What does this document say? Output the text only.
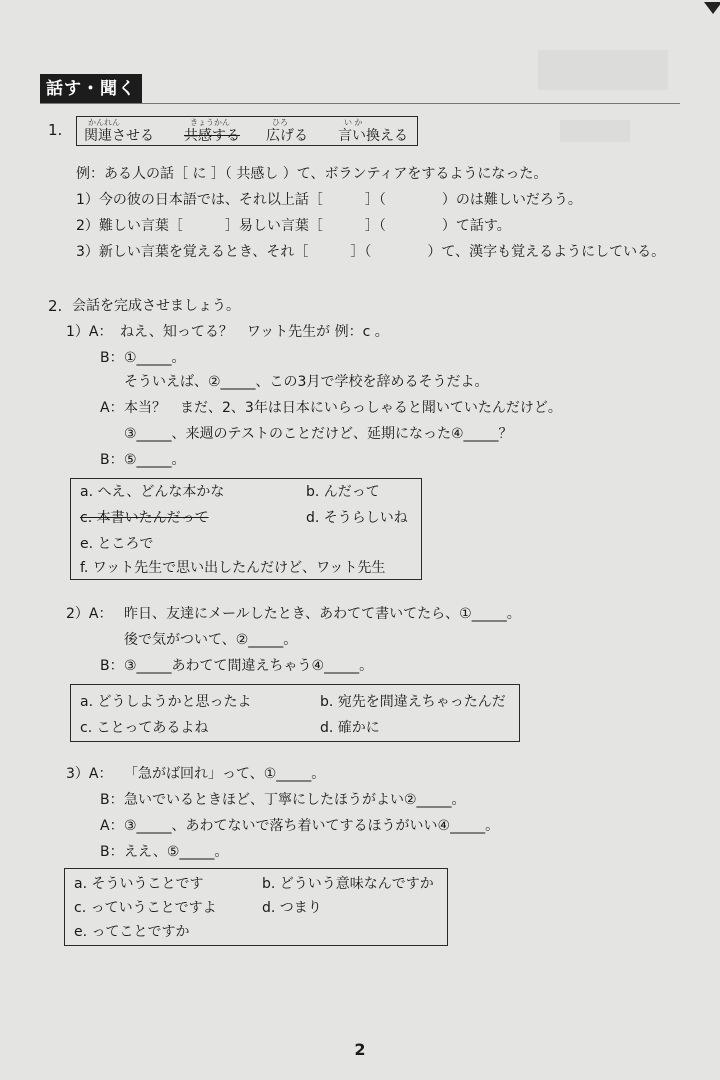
話す・聞く
1.	かんれん	きょうかん	ひろ	い か
関連させる 共感する 広げる 言い換える
例：ある人の話［ に ］（ 共感し ）て、ボランティアをするようになった。
1）今の彼の日本語では、それ以上話［　　　］（　　　　）のは難しいだろう。
2）難しい言葉［　　　］易しい言葉［　　　］（　　　　）て話す。
3）新しい言葉を覚えるとき、それ［　　　］（　　　　）て、漢字も覚えるようにしている。
2. 会話を完成させましょう。
1）A： ねえ、知ってる？　ワット先生が 例：c 。
B： ①_____。
そういえば、②_____、この3月で学校を辞めるそうだよ。
A： 本当？　まだ、2、3年は日本にいらっしゃると聞いていたんだけど。
③_____、来週のテストのことだけど、延期になった④_____？
B： ⑤_____。
a. へえ、どんな本かな	b. んだって
c. 本書いたんだって	d. そうらしいね
e. ところで
f. ワット先生で思い出したんだけど、ワット先生
2）A： 昨日、友達にメールしたとき、あわてて書いてたら、①_____。
後で気がついて、②_____。
B： ③_____あわてて間違えちゃう④_____。
a. どうしようかと思ったよ	b. 宛先を間違えちゃったんだ
c. ことってあるよね	d. 確かに
3）A： 「急がば回れ」って、①_____。
B： 急いでいるときほど、丁寧にしたほうがよい②_____。
A： ③_____、あわてないで落ち着いてするほうがいい④_____。
B： ええ、⑤_____。
a. そういうことです	b. どういう意味なんですか
c. っていうことですよ	d. つまり
e. ってことですか
2
